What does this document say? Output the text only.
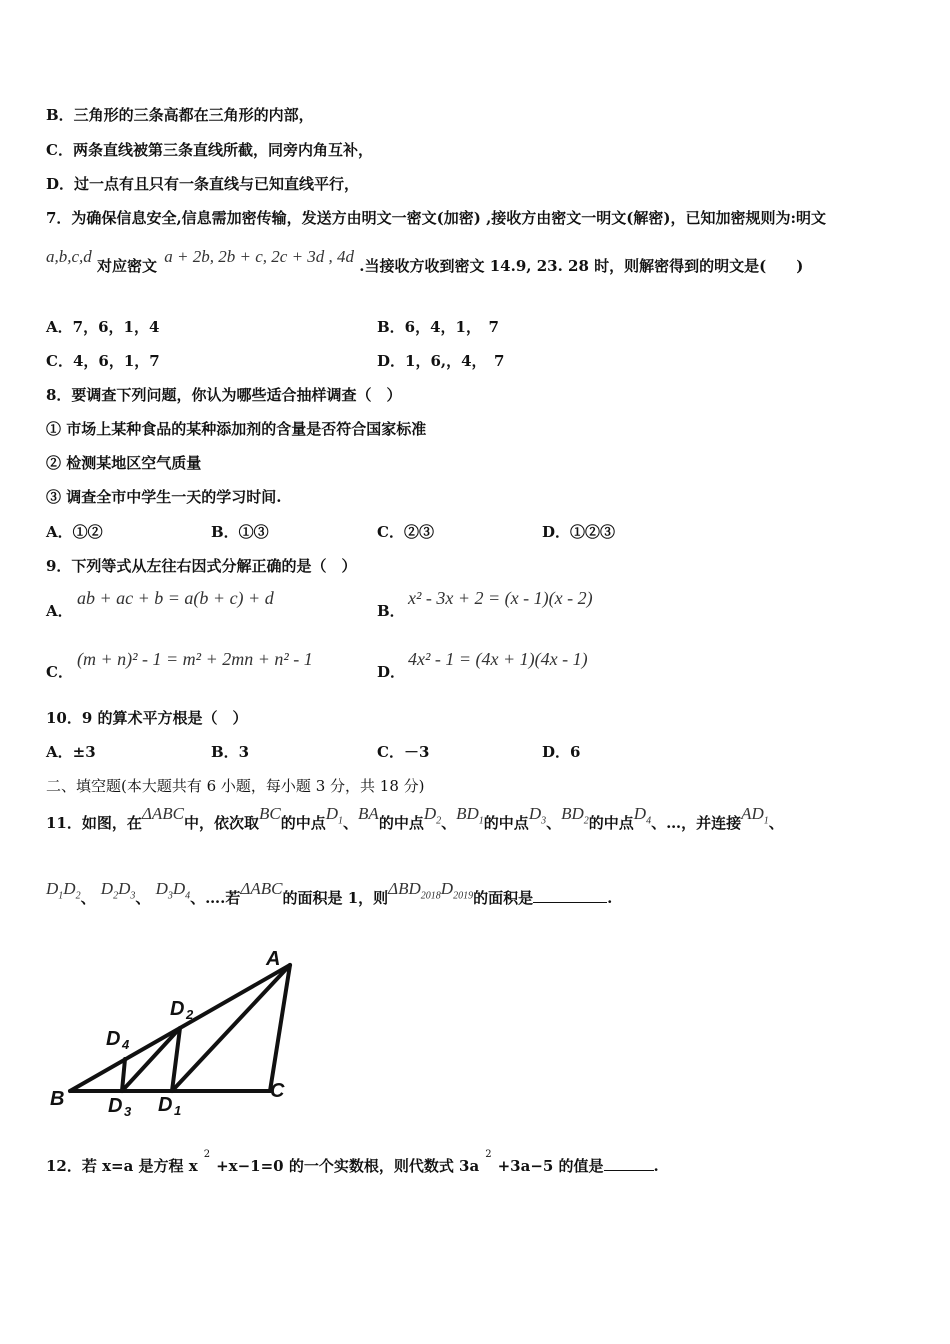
B．三角形的三条高都在三角形的内部，
C．两条直线被第三条直线所截，同旁内角互补，
D．过一点有且只有一条直线与已知直线平行，
7．为确保信息安全,信息需加密传输，发送方由明文一密文(加密) ,接收方由密文一明文(解密)，已知加密规则为:明文
a,b,c,d 对应密文 a + 2b, 2b + c, 2c + 3d , 4d .当接收方收到密文 14.9, 23. 28 时，则解密得到的明文是(　　)
A．7，6，1，4	B．6，4，1，　7
C．4，6，1，7	D．1，6,，4，　7
8．要调查下列问题，你认为哪些适合抽样调查（　）
① 市场上某种食品的某种添加剂的含量是否符合国家标准
② 检测某地区空气质量
③ 调查全市中学生一天的学习时间.
A．①②	B．①③	C．②③	D．①②③
9．下列等式从左往右因式分解正确的是（　）
A．
ab + ac + b = a(b + c) + d
B．
x² - 3x + 2 = (x - 1)(x - 2)
C．
(m + n)² - 1 = m² + 2mn + n² - 1
D．
4x² - 1 = (4x + 1)(4x - 1)
10．9 的算术平方根是（　）
A．±3	B．3	C．－3	D．6
二、填空题(本大题共有 6 小题，每小题 3 分，共 18 分)
11．如图，在ΔABC中，依次取BC的中点$D_1$、BA的中点$D_2$、$BD_1$的中点$D_3$、$BD_2$的中点$D_4$、…，并连接$AD_1$、
$D_1D_2$、 $D_2D_3$、 $D_3D_4$、….若ΔABC的面积是 1，则$\Delta BD_{2018}D_{2019}$的面积是	.
A
B	C
D 1
D 2
D 3
D 4
12．若 x=a 是方程 $x^2+x-1=0$ 的一个实数根，则代数式 $3a^2+3a-5$ 的值是	.
